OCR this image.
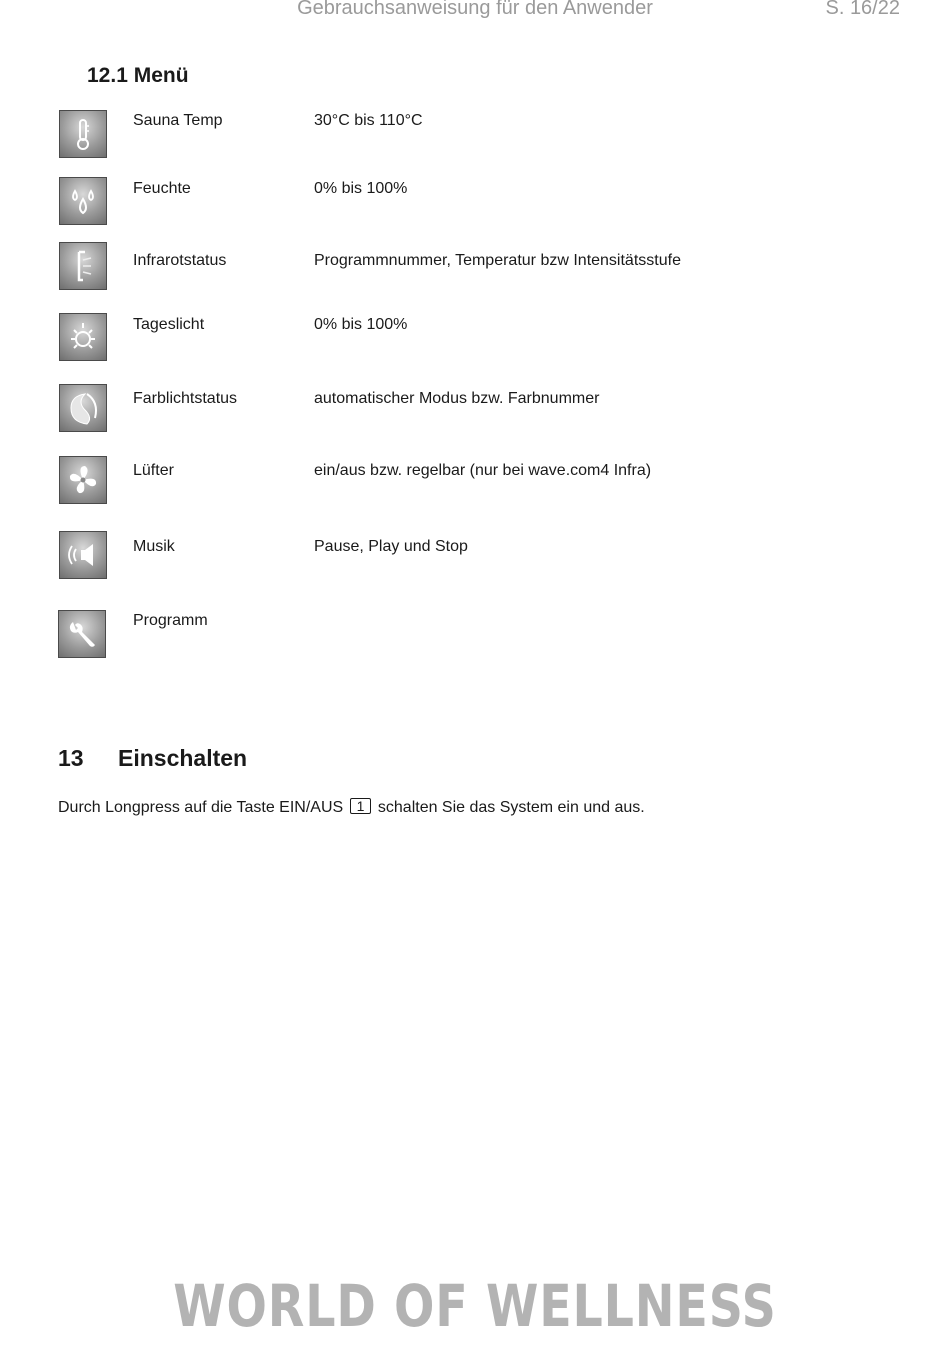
Gebrauchsanweisung für den Anwender	S. 16/22
12.1 Menü
Sauna Temp	30°C bis 110°C
Feuchte	0% bis 100%
Infrarotstatus	Programmnummer, Temperatur bzw Intensitätsstufe
Tageslicht	0% bis 100%
Farblichtstatus	automatischer Modus bzw. Farbnummer
Lüfter	ein/aus bzw. regelbar (nur bei wave.com4 Infra)
Musik	Pause, Play und Stop
Programm
13 Einschalten
Durch Longpress auf die Taste EIN/AUS 1 schalten Sie das System ein und aus.
WORLD OF WELLNESS
